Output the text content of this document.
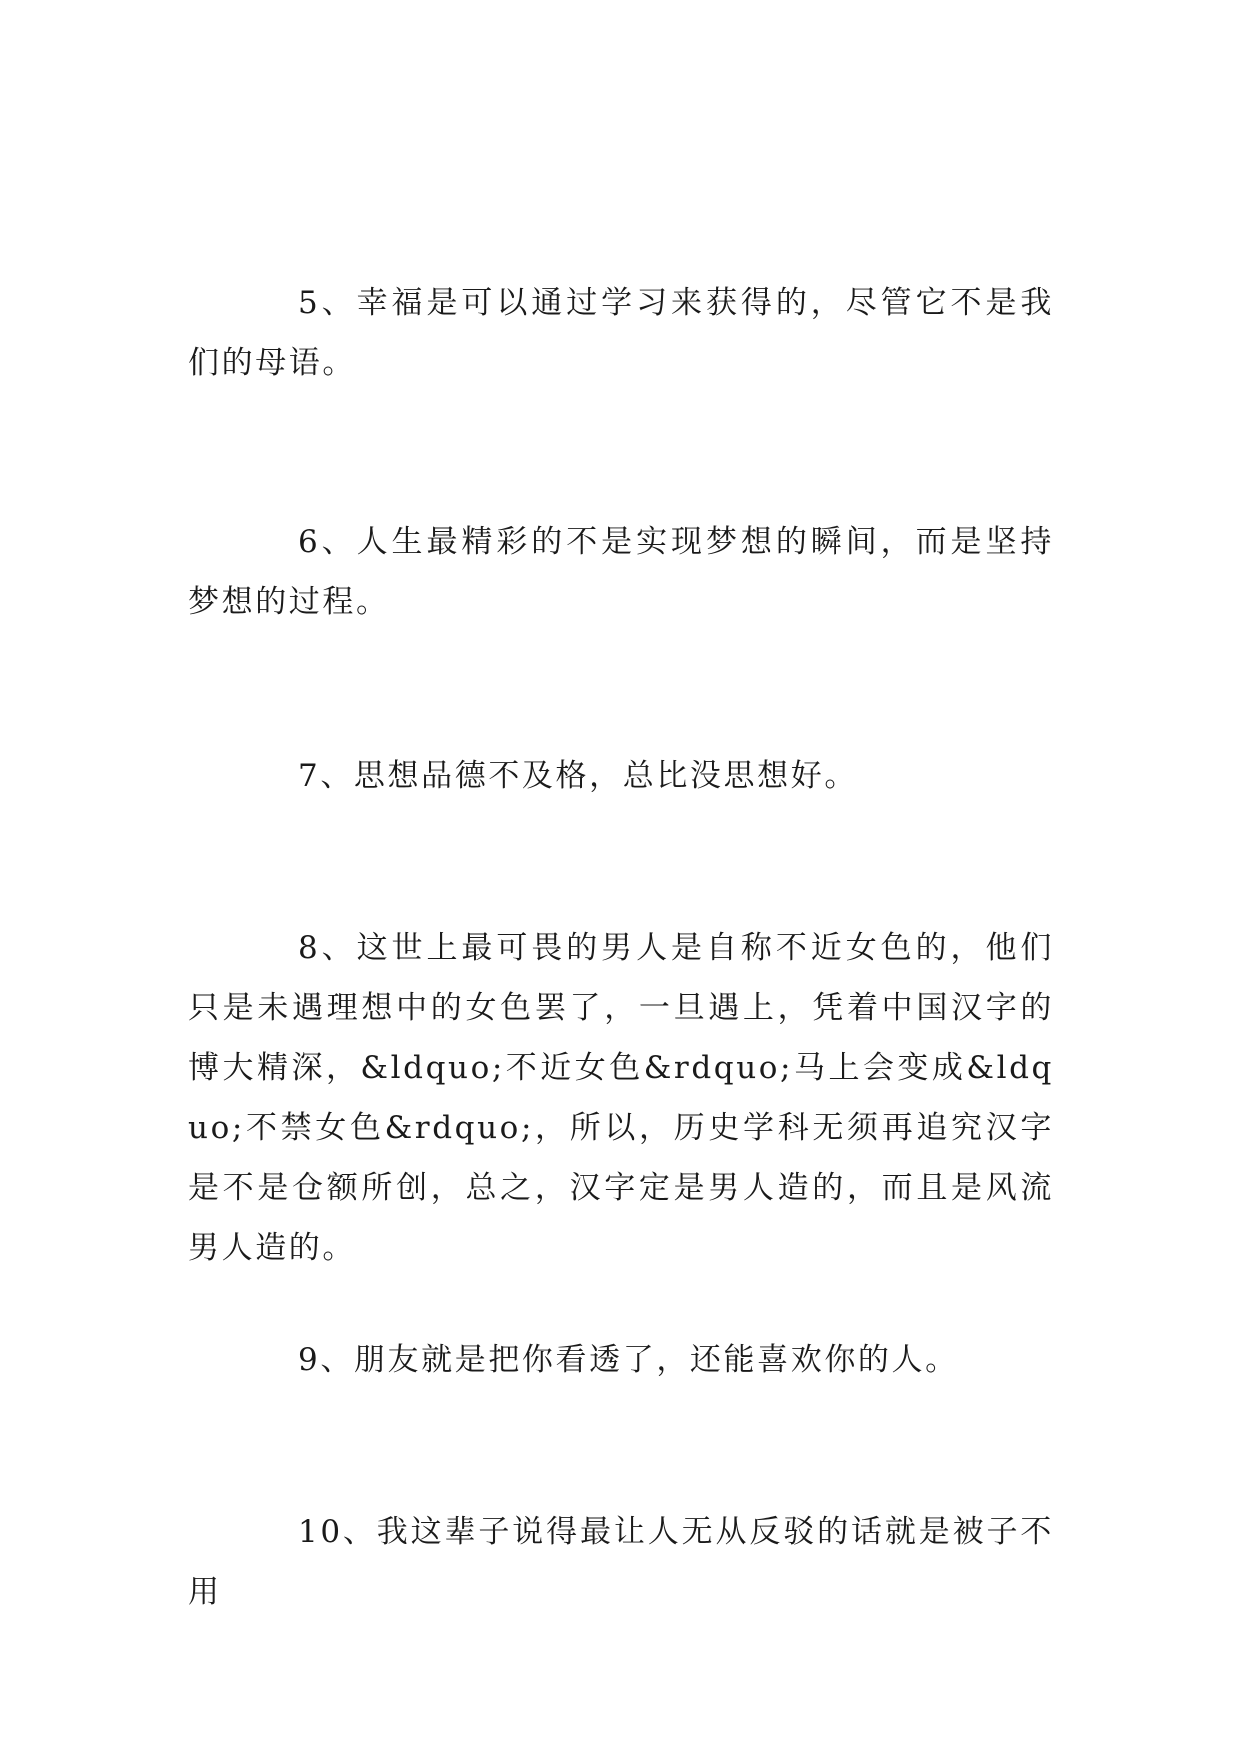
5、幸福是可以通过学习来获得的，尽管它不是我们的母语。

6、人生最精彩的不是实现梦想的瞬间，而是坚持梦想的过程。

7、思想品德不及格，总比没思想好。

8、这世上最可畏的男人是自称不近女色的，他们只是未遇理想中的女色罢了，一旦遇上，凭着中国汉字的博大精深，&ldquo;不近女色&rdquo;马上会变成&ldquo;不禁女色&rdquo;，所以，历史学科无须再追究汉字是不是仓额所创，总之，汉字定是男人造的，而且是风流男人造的。

9、朋友就是把你看透了，还能喜欢你的人。

10、我这辈子说得最让人无从反驳的话就是被子不用
